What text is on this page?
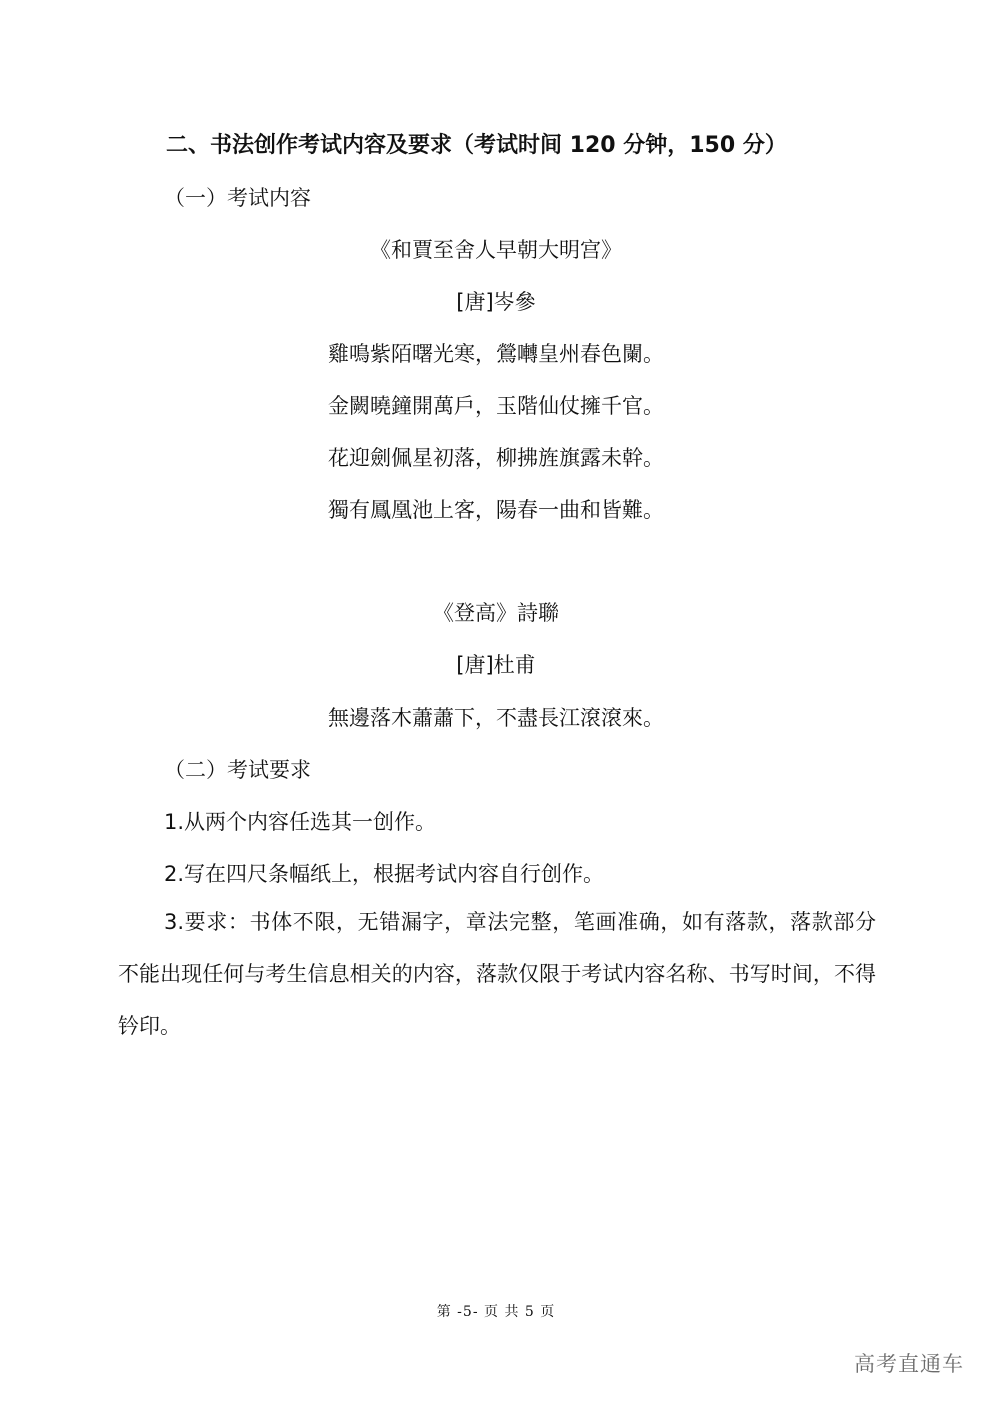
二、书法创作考试内容及要求（考试时间 120 分钟，150 分）
（一）考试内容
《和賈至舍人早朝大明宫》
[唐]岑參
雞鳴紫陌曙光寒，鶯囀皇州春色闌。
金闕曉鐘開萬戶，玉階仙仗擁千官。
花迎劍佩星初落，柳拂旌旗露未幹。
獨有鳳凰池上客，陽春一曲和皆難。
《登高》詩聯
[唐]杜甫
無邊落木蕭蕭下，不盡長江滾滾來。
（二）考试要求
1.从两个内容任选其一创作。
2.写在四尺条幅纸上，根据考试内容自行创作。
3.要求：书体不限，无错漏字，章法完整，笔画准确，如有落款，落款部分不能出现任何与考生信息相关的内容，落款仅限于考试内容名称、书写时间，不得钤印。
第 -5- 页 共 5 页
高考直通车
